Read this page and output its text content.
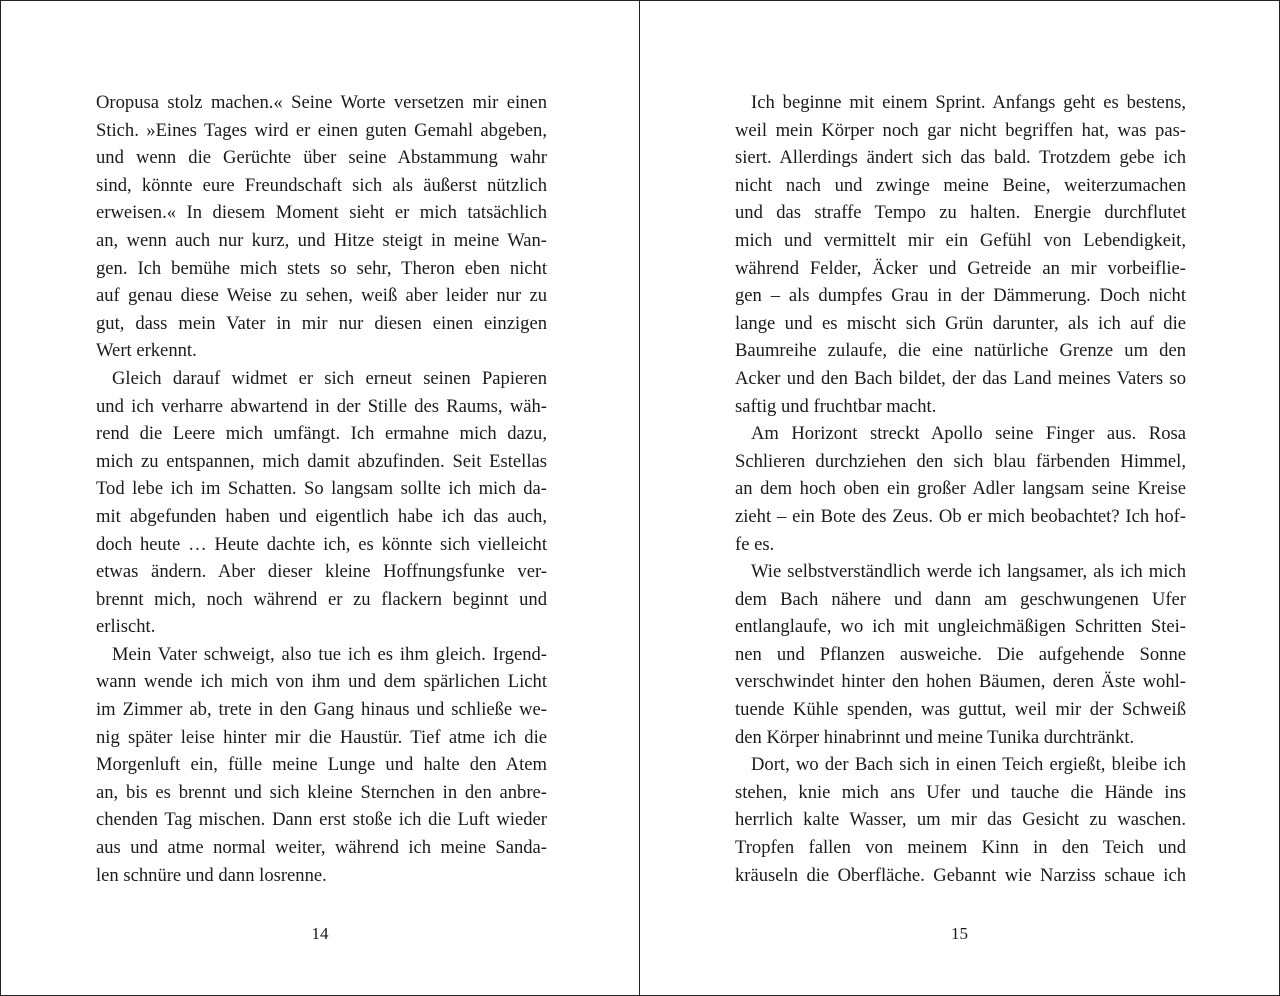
Oropusa stolz machen.« Seine Worte versetzen mir einen
Stich. »Eines Tages wird er einen guten Gemahl abgeben,
und wenn die Gerüchte über seine Abstammung wahr
sind, könnte eure Freundschaft sich als äußerst nützlich
erweisen.« In diesem Moment sieht er mich tatsächlich
an, wenn auch nur kurz, und Hitze steigt in meine Wan-
gen. Ich bemühe mich stets so sehr, Theron eben nicht
auf genau diese Weise zu sehen, weiß aber leider nur zu
gut, dass mein Vater in mir nur diesen einen einzigen
Wert erkennt.
Gleich darauf widmet er sich erneut seinen Papieren
und ich verharre abwartend in der Stille des Raums, wäh-
rend die Leere mich umfängt. Ich ermahne mich dazu,
mich zu entspannen, mich damit abzufinden. Seit Estellas
Tod lebe ich im Schatten. So langsam sollte ich mich da-
mit abgefunden haben und eigentlich habe ich das auch,
doch heute … Heute dachte ich, es könnte sich vielleicht
etwas ändern. Aber dieser kleine Hoffnungsfunke ver-
brennt mich, noch während er zu flackern beginnt und
erlischt.
Mein Vater schweigt, also tue ich es ihm gleich. Irgend-
wann wende ich mich von ihm und dem spärlichen Licht
im Zimmer ab, trete in den Gang hinaus und schließe we-
nig später leise hinter mir die Haustür. Tief atme ich die
Morgenluft ein, fülle meine Lunge und halte den Atem
an, bis es brennt und sich kleine Sternchen in den anbre-
chenden Tag mischen. Dann erst stoße ich die Luft wieder
aus und atme normal weiter, während ich meine Sanda-
len schnüre und dann losrenne.
14
Ich beginne mit einem Sprint. Anfangs geht es bestens,
weil mein Körper noch gar nicht begriffen hat, was pas-
siert. Allerdings ändert sich das bald. Trotzdem gebe ich
nicht nach und zwinge meine Beine, weiterzumachen
und das straffe Tempo zu halten. Energie durchflutet
mich und vermittelt mir ein Gefühl von Lebendigkeit,
während Felder, Äcker und Getreide an mir vorbeiflie-
gen – als dumpfes Grau in der Dämmerung. Doch nicht
lange und es mischt sich Grün darunter, als ich auf die
Baumreihe zulaufe, die eine natürliche Grenze um den
Acker und den Bach bildet, der das Land meines Vaters so
saftig und fruchtbar macht.
Am Horizont streckt Apollo seine Finger aus. Rosa
Schlieren durchziehen den sich blau färbenden Himmel,
an dem hoch oben ein großer Adler langsam seine Kreise
zieht – ein Bote des Zeus. Ob er mich beobachtet? Ich hof-
fe es.
Wie selbstverständlich werde ich langsamer, als ich mich
dem Bach nähere und dann am geschwungenen Ufer
entlanglaufe, wo ich mit ungleichmäßigen Schritten Stei-
nen und Pflanzen ausweiche. Die aufgehende Sonne
verschwindet hinter den hohen Bäumen, deren Äste wohl-
tuende Kühle spenden, was guttut, weil mir der Schweiß
den Körper hinabrinnt und meine Tunika durchtränkt.
Dort, wo der Bach sich in einen Teich ergießt, bleibe ich
stehen, knie mich ans Ufer und tauche die Hände ins
herrlich kalte Wasser, um mir das Gesicht zu waschen.
Tropfen fallen von meinem Kinn in den Teich und
kräuseln die Oberfläche. Gebannt wie Narziss schaue ich
15
